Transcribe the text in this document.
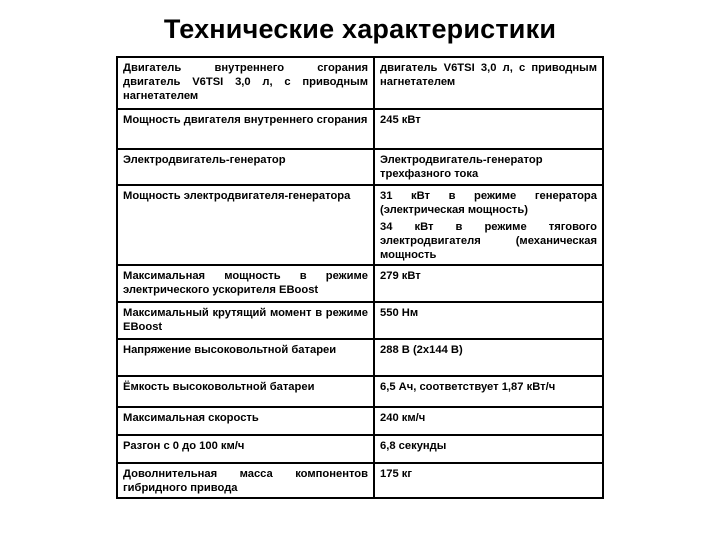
Технические характеристики
Двигатель внутреннего сгорания двигатель V6TSI 3,0 л, с приводным нагнетателем	двигатель V6TSI 3,0 л, с приводным нагнетателем

Мощность двигателя внутреннего сгорания	245 кВт

Электродвигатель-генератор	Электродвигатель-генератор трехфазного тока

Мощность электродвигателя-генератора	31 кВт в режиме генератора (электрическая мощность)
34 кВт в режиме тягового электродвигателя (механическая мощность

Максимальная мощность в режиме электрического ускорителя EBoost	279 кВт

Максимальный крутящий момент в режиме EBoost	550 Нм

Напряжение высоковольтной батареи	288 В (2х144 В)

Ёмкость высоковольтной батареи	6,5 Ач, соответствует 1,87 кВт/ч

Максимальная скорость	240 км/ч

Разгон с 0 до 100 км/ч	6,8 секунды

Доволнительная масса компонентов гибридного привода	175 кг
